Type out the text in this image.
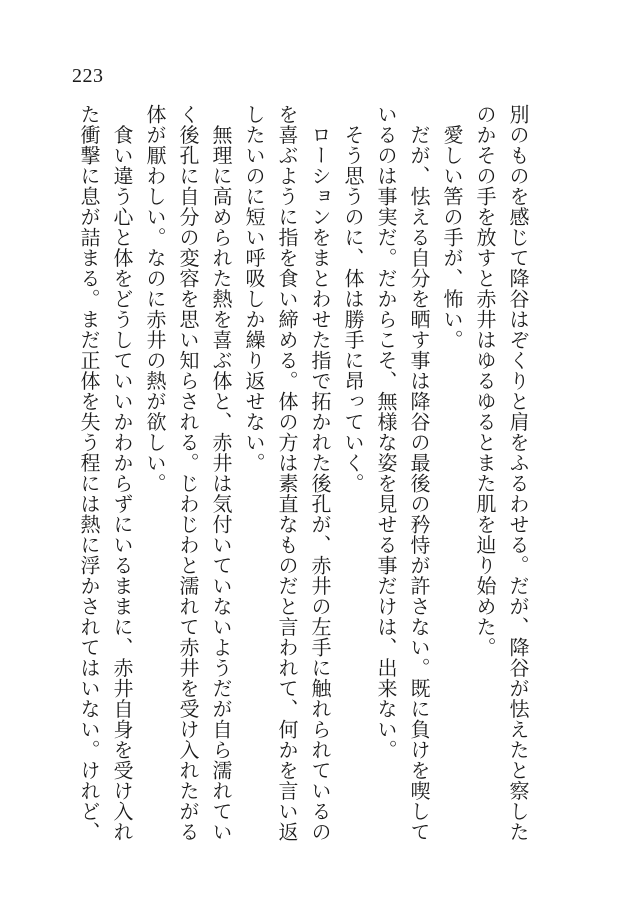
223
別のものを感じて降谷はぞくりと肩をふるわせる。だが、降谷が怯えたと察した
のかその手を放すと赤井はゆるゆるとまた肌を辿り始めた。
　愛しい筈の手が、怖い。
　だが、怯える自分を晒す事は降谷の最後の矜恃が許さない。既に負けを喫して
いるのは事実だ。だからこそ、無様な姿を見せる事だけは、出来ない。
　そう思うのに、体は勝手に昂っていく。
　ローションをまとわせた指で拓かれた後孔が、赤井の左手に触れられているの
を喜ぶように指を食い締める。体の方は素直なものだと言われて、何かを言い返
したいのに短い呼吸しか繰り返せない。
　無理に高められた熱を喜ぶ体と、赤井は気付いていないようだが自ら濡れてい
く後孔に自分の変容を思い知らされる。じわじわと濡れて赤井を受け入れたがる
体が厭わしい。なのに赤井の熱が欲しい。
　食い違う心と体をどうしていいかわからずにいるままに、赤井自身を受け入れ
た衝撃に息が詰まる。まだ正体を失う程には熱に浮かされてはいない。けれど、
